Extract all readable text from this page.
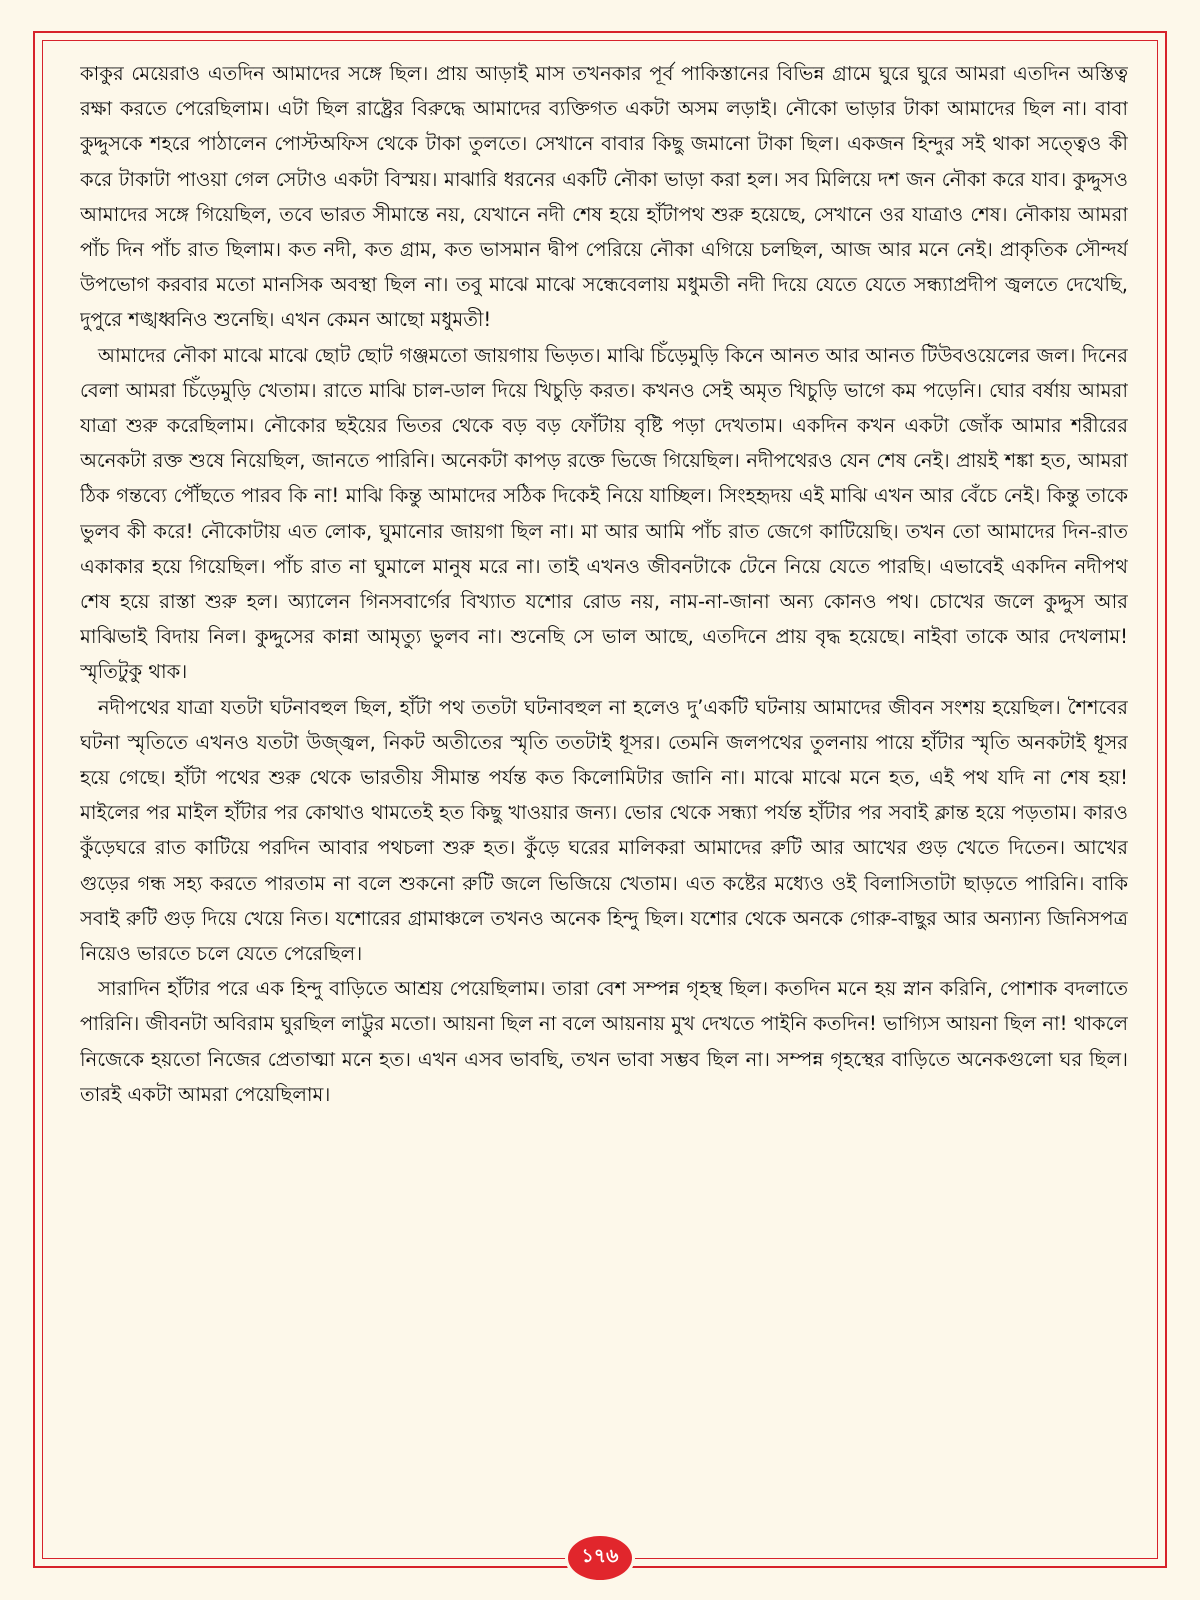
কাকুর মেয়েরাও এতদিন আমাদের সঙ্গে ছিল। প্রায় আড়াই মাস তখনকার পূর্ব পাকিস্তানের বিভিন্ন গ্রামে ঘুরে ঘুরে আমরা এতদিন অস্তিত্ব রক্ষা করতে পেরেছিলাম। এটা ছিল রাষ্ট্রের বিরুদ্ধে আমাদের ব্যক্তিগত একটা অসম লড়াই। নৌকো ভাড়ার টাকা আমাদের ছিল না। বাবা কুদ্দুসকে শহরে পাঠালেন পোস্টঅফিস থেকে টাকা তুলতে। সেখানে বাবার কিছু জমানো টাকা ছিল। একজন হিন্দুর সই থাকা সত্ত্বেও কী করে টাকাটা পাওয়া গেল সেটাও একটা বিস্ময়। মাঝারি ধরনের একটি নৌকা ভাড়া করা হল। সব মিলিয়ে দশ জন নৌকা করে যাব। কুদ্দুসও আমাদের সঙ্গে গিয়েছিল, তবে ভারত সীমান্তে নয়, যেখানে নদী শেষ হয়ে হাঁটাপথ শুরু হয়েছে, সেখানে ওর যাত্রাও শেষ। নৌকায় আমরা পাঁচ দিন পাঁচ রাত ছিলাম। কত নদী, কত গ্রাম, কত ভাসমান দ্বীপ পেরিয়ে নৌকা এগিয়ে চলছিল, আজ আর মনে নেই। প্রাকৃতিক সৌন্দর্য উপভোগ করবার মতো মানসিক অবস্থা ছিল না। তবু মাঝে মাঝে সন্ধেবেলায় মধুমতী নদী দিয়ে যেতে যেতে সন্ধ্যাপ্রদীপ জ্বলতে দেখেছি, দুপুরে শঙ্খধ্বনিও শুনেছি। এখন কেমন আছো মধুমতী!

আমাদের নৌকা মাঝে মাঝে ছোট ছোট গঞ্জমতো জায়গায় ভিড়ত। মাঝি চিঁড়েমুড়ি কিনে আনত আর আনত টিউবওয়েলের জল। দিনের বেলা আমরা চিঁড়েমুড়ি খেতাম। রাতে মাঝি চাল-ডাল দিয়ে খিচুড়ি করত। কখনও সেই অমৃত খিচুড়ি ভাগে কম পড়েনি। ঘোর বর্ষায় আমরা যাত্রা শুরু করেছিলাম। নৌকোর ছইয়ের ভিতর থেকে বড় বড় ফোঁটায় বৃষ্টি পড়া দেখতাম। একদিন কখন একটা জোঁক আমার শরীরের অনেকটা রক্ত শুষে নিয়েছিল, জানতে পারিনি। অনেকটা কাপড় রক্তে ভিজে গিয়েছিল। নদীপথেরও যেন শেষ নেই। প্রায়ই শঙ্কা হত, আমরা ঠিক গন্তব্যে পৌঁছতে পারব কি না! মাঝি কিন্তু আমাদের সঠিক দিকেই নিয়ে যাচ্ছিল। সিংহহৃদয় এই মাঝি এখন আর বেঁচে নেই। কিন্তু তাকে ভুলব কী করে! নৌকোটায় এত লোক, ঘুমানোর জায়গা ছিল না। মা আর আমি পাঁচ রাত জেগে কাটিয়েছি। তখন তো আমাদের দিন-রাত একাকার হয়ে গিয়েছিল। পাঁচ রাত না ঘুমালে মানুষ মরে না। তাই এখনও জীবনটাকে টেনে নিয়ে যেতে পারছি। এভাবেই একদিন নদীপথ শেষ হয়ে রাস্তা শুরু হল। অ্যালেন গিনসবার্গের বিখ্যাত যশোর রোড নয়, নাম-না-জানা অন্য কোনও পথ। চোখের জলে কুদ্দুস আর মাঝিভাই বিদায় নিল। কুদ্দুসের কান্না আমৃত্যু ভুলব না। শুনেছি সে ভাল আছে, এতদিনে প্রায় বৃদ্ধ হয়েছে। নাইবা তাকে আর দেখলাম! স্মৃতিটুকু থাক।

নদীপথের যাত্রা যতটা ঘটনাবহুল ছিল, হাঁটা পথ ততটা ঘটনাবহুল না হলেও দু’একটি ঘটনায় আমাদের জীবন সংশয় হয়েছিল। শৈশবের ঘটনা স্মৃতিতে এখনও যতটা উজ্জ্বল, নিকট অতীতের স্মৃতি ততটাই ধূসর। তেমনি জলপথের তুলনায় পায়ে হাঁটার স্মৃতি অনকটাই ধূসর হয়ে গেছে। হাঁটা পথের শুরু থেকে ভারতীয় সীমান্ত পর্যন্ত কত কিলোমিটার জানি না। মাঝে মাঝে মনে হত, এই পথ যদি না শেষ হয়! মাইলের পর মাইল হাঁটার পর কোথাও থামতেই হত কিছু খাওয়ার জন্য। ভোর থেকে সন্ধ্যা পর্যন্ত হাঁটার পর সবাই ক্লান্ত হয়ে পড়তাম। কারও কুঁড়েঘরে রাত কাটিয়ে পরদিন আবার পথচলা শুরু হত। কুঁড়ে ঘরের মালিকরা আমাদের রুটি আর আখের গুড় খেতে দিতেন। আখের গুড়ের গন্ধ সহ্য করতে পারতাম না বলে শুকনো রুটি জলে ভিজিয়ে খেতাম। এত কষ্টের মধ্যেও ওই বিলাসিতাটা ছাড়তে পারিনি। বাকি সবাই রুটি গুড় দিয়ে খেয়ে নিত। যশোরের গ্রামাঞ্চলে তখনও অনেক হিন্দু ছিল। যশোর থেকে অনকে গোরু-বাছুর আর অন্যান্য জিনিসপত্র নিয়েও ভারতে চলে যেতে পেরেছিল।

সারাদিন হাঁটার পরে এক হিন্দু বাড়িতে আশ্রয় পেয়েছিলাম। তারা বেশ সম্পন্ন গৃহস্থ ছিল। কতদিন মনে হয় স্নান করিনি, পোশাক বদলাতে পারিনি। জীবনটা অবিরাম ঘুরছিল লাট্টুর মতো। আয়না ছিল না বলে আয়নায় মুখ দেখতে পাইনি কতদিন! ভাগ্যিস আয়না ছিল না! থাকলে নিজেকে হয়তো নিজের প্রেতাত্মা মনে হত। এখন এসব ভাবছি, তখন ভাবা সম্ভব ছিল না। সম্পন্ন গৃহস্থের বাড়িতে অনেকগুলো ঘর ছিল। তারই একটা আমরা পেয়েছিলাম।

১৭৬
